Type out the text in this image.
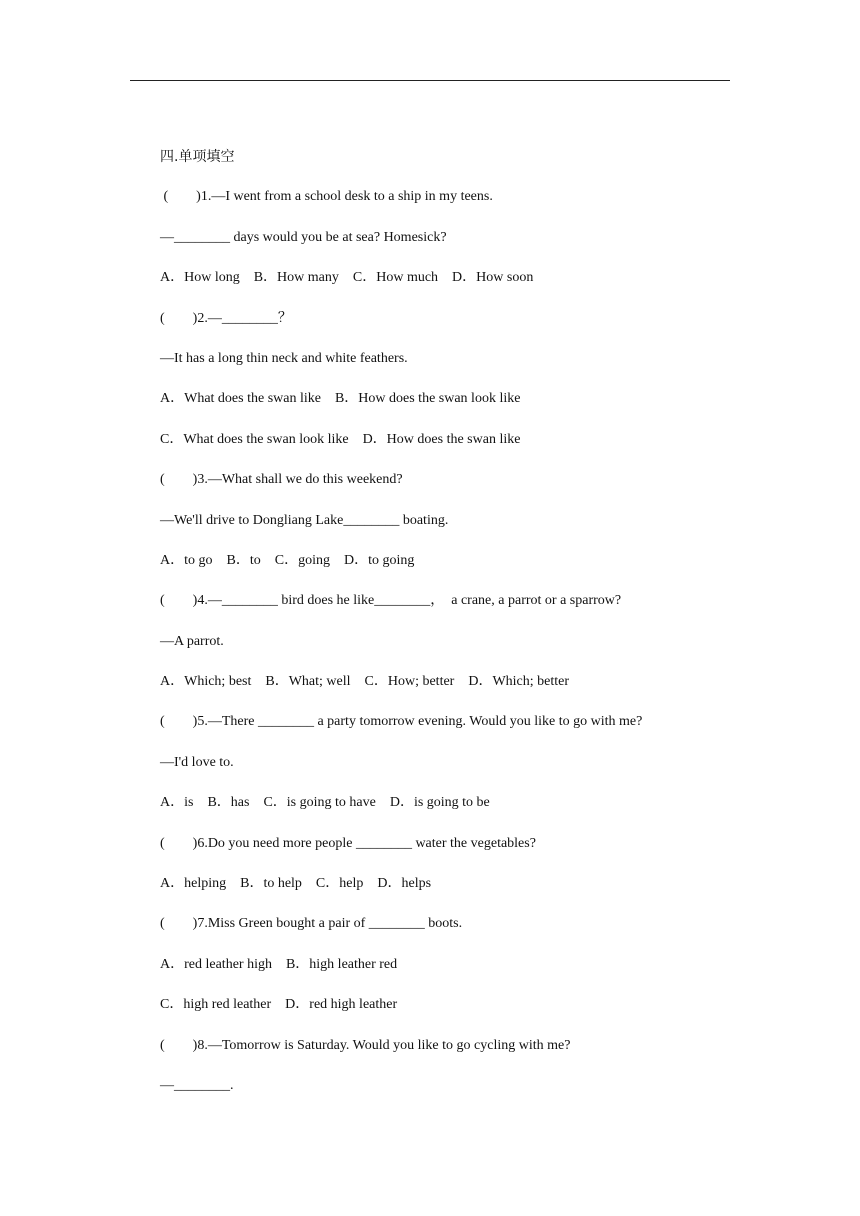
四.单项填空
(        )1.—I went from a school desk to a ship in my teens.
—________ days would you be at sea? Homesick?
A．How long    B．How many    C．How much    D．How soon
(        )2.—________？
—It has a long thin neck and white feathers.
A．What does the swan like    B．How does the swan look like
C．What does the swan look like    D．How does the swan like
(        )3.—What shall we do this weekend?
—We'll drive to Dongliang Lake________ boating.
A．to go    B．to    C．going    D．to going
(        )4.—________ bird does he like________，  a crane, a parrot or a sparrow?
—A parrot.
A．Which; best    B．What; well    C．How; better    D．Which; better
(        )5.—There ________ a party tomorrow evening. Would you like to go with me?
—I'd love to.
A．is    B．has    C．is going to have    D．is going to be
(        )6.Do you need more people ________ water the vegetables?
A．helping    B．to help    C．help    D．helps
(        )7.Miss Green bought a pair of ________ boots.
A．red leather high    B．high leather red
C．high red leather    D．red high leather
(        )8.—Tomorrow is Saturday. Would you like to go cycling with me?
—________.
